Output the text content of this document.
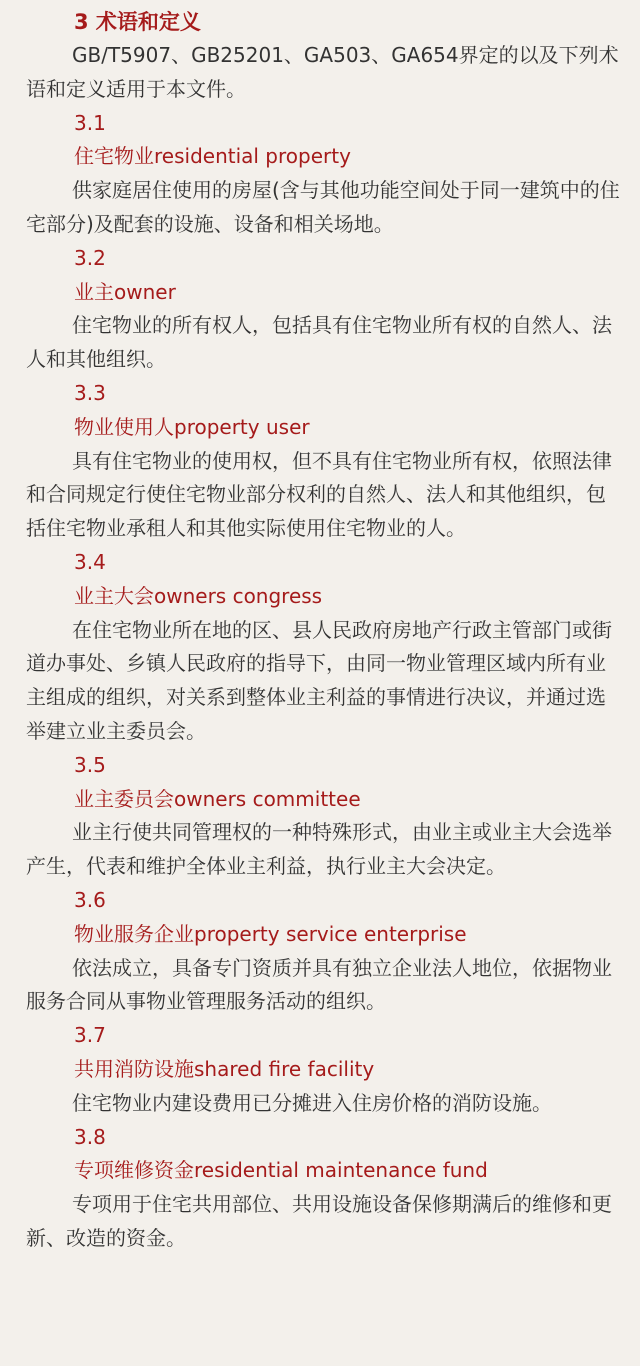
3 术语和定义

GB/T5907、GB25201、GA503、GA654界定的以及下列术语和定义适用于本文件。

3.1
住宅物业residential property

供家庭居住使用的房屋(含与其他功能空间处于同一建筑中的住宅部分)及配套的设施、设备和相关场地。

3.2
业主owner

住宅物业的所有权人，包括具有住宅物业所有权的自然人、法人和其他组织。

3.3
物业使用人property user

具有住宅物业的使用权，但不具有住宅物业所有权，依照法律和合同规定行使住宅物业部分权利的自然人、法人和其他组织，包括住宅物业承租人和其他实际使用住宅物业的人。

3.4
业主大会owners congress

在住宅物业所在地的区、县人民政府房地产行政主管部门或街道办事处、乡镇人民政府的指导下，由同一物业管理区域内所有业主组成的组织，对关系到整体业主利益的事情进行决议，并通过选举建立业主委员会。

3.5
业主委员会owners committee

业主行使共同管理权的一种特殊形式，由业主或业主大会选举产生，代表和维护全体业主利益，执行业主大会决定。

3.6
物业服务企业property service enterprise

依法成立，具备专门资质并具有独立企业法人地位，依据物业服务合同从事物业管理服务活动的组织。

3.7
共用消防设施shared fire facility

住宅物业内建设费用已分摊进入住房价格的消防设施。

3.8
专项维修资金residential maintenance fund

专项用于住宅共用部位、共用设施设备保修期满后的维修和更新、改造的资金。
